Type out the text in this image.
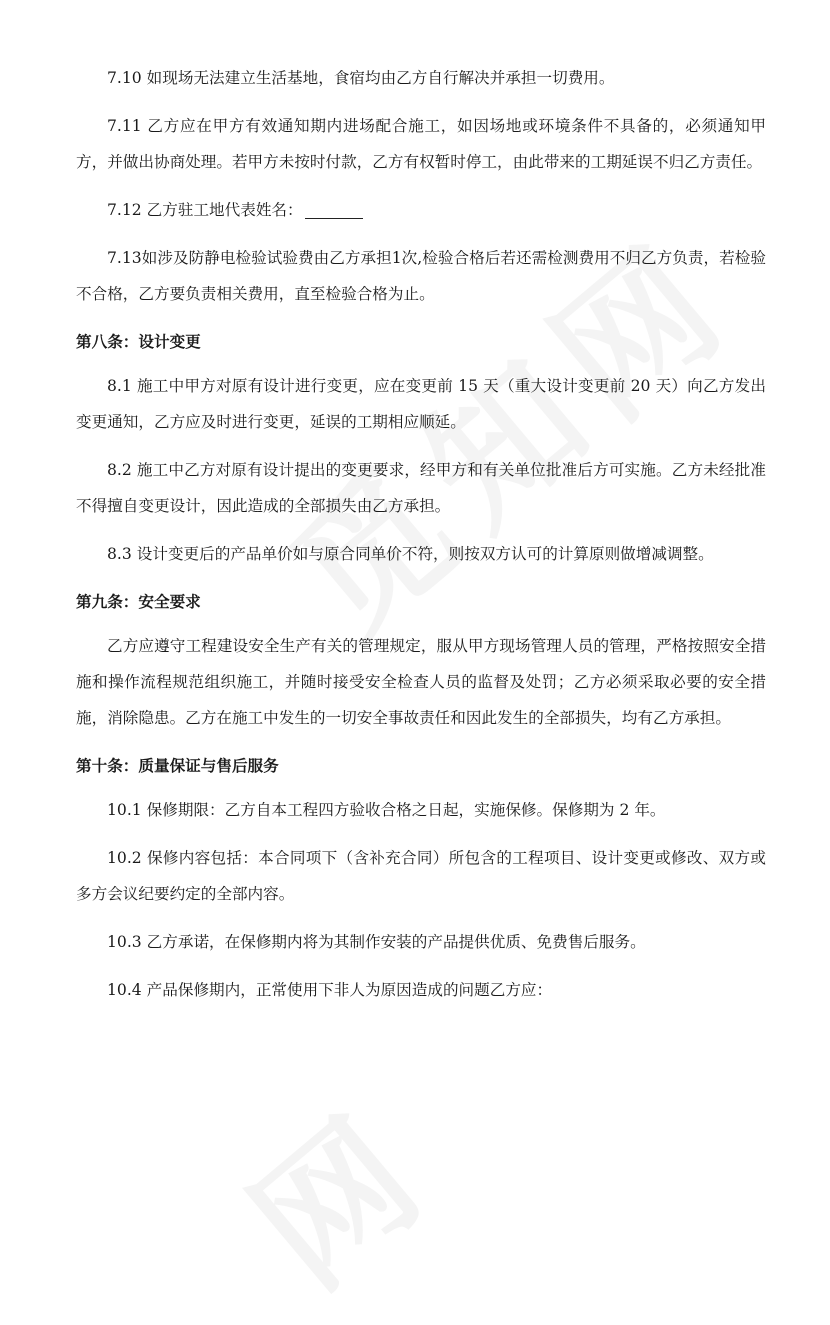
7.10 如现场无法建立生活基地，食宿均由乙方自行解决并承担一切费用。

7.11 乙方应在甲方有效通知期内进场配合施工，如因场地或环境条件不具备的，必须通知甲方，并做出协商处理。若甲方未按时付款，乙方有权暂时停工，由此带来的工期延误不归乙方责任。

7.12 乙方驻工地代表姓名：

7.13如涉及防静电检验试验费由乙方承担1次,检验合格后若还需检测费用不归乙方负责，若检验不合格，乙方要负责相关费用，直至检验合格为止。

第八条：设计变更

8.1 施工中甲方对原有设计进行变更，应在变更前 15 天（重大设计变更前 20 天）向乙方发出变更通知，乙方应及时进行变更，延误的工期相应顺延。

8.2 施工中乙方对原有设计提出的变更要求，经甲方和有关单位批准后方可实施。乙方未经批准不得擅自变更设计，因此造成的全部损失由乙方承担。

8.3 设计变更后的产品单价如与原合同单价不符，则按双方认可的计算原则做增减调整。

第九条：安全要求

乙方应遵守工程建设安全生产有关的管理规定，服从甲方现场管理人员的管理，严格按照安全措施和操作流程规范组织施工，并随时接受安全检查人员的监督及处罚；乙方必须采取必要的安全措施，消除隐患。乙方在施工中发生的一切安全事故责任和因此发生的全部损失，均有乙方承担。

第十条：质量保证与售后服务

10.1 保修期限：乙方自本工程四方验收合格之日起，实施保修。保修期为 2 年。

10.2 保修内容包括：本合同项下（含补充合同）所包含的工程项目、设计变更或修改、双方或多方会议纪要约定的全部内容。

10.3 乙方承诺，在保修期内将为其制作安装的产品提供优质、免费售后服务。

10.4 产品保修期内，正常使用下非人为原因造成的问题乙方应：
